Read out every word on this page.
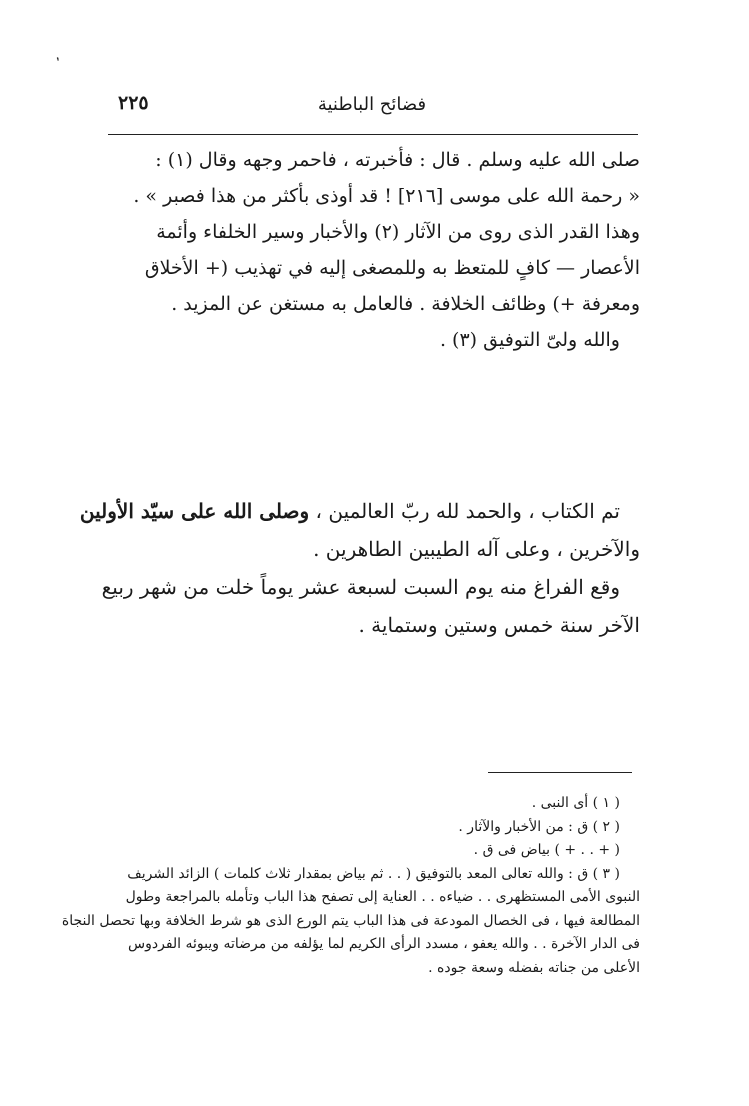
٬
٢٢٥	فضائح الباطنية
صلى الله عليه وسلم . قال : فأخبرته ، فاحمر وجهه وقال (١) :
« رحمة الله على موسى [٢١٦] ! قد أوذى بأكثر من هذا فصبر » .
وهذا القدر الذى روى من الآثار (٢) والأخبار وسير الخلفاء وأئمة
الأعصار — كافٍ للمتعظ به وللمصغى إليه في تهذيب (+ الأخلاق
ومعرفة +) وظائف الخلافة . فالعامل به مستغن عن المزيد .
والله ولىّ التوفيق (٣) .
تم الكتاب ، والحمد لله ربّ العالمين ، وصلى الله على سيّد الأولين
والآخرين ، وعلى آله الطيبين الطاهرين .
وقع الفراغ منه يوم السبت لسبعة عشر يوماً خلت من شهر ربيع
الآخر سنة خمس وستين وستماية .
( ١ ) أى النبى .
( ٢ ) ق : من الأخبار والآثار .
( + . . + ) بياض فى ق .
( ٣ ) ق : والله تعالى المعد بالتوفيق ( . . ثم بياض بمقدار ثلاث كلمات ) الزائد الشريف
النبوى الأمى المستظهرى . . ضياءه . . العناية إلى تصفح هذا الباب وتأمله بالمراجعة وطول
المطالعة فيها ، فى الخصال المودعة فى هذا الباب يتم الورع الذى هو شرط الخلافة وبها تحصل النجاة
فى الدار الآخرة . . والله يعفو ، مسدد الرأى الكريم لما يؤلفه من مرضاته ويبوئه الفردوس
الأعلى من جناته بفضله وسعة جوده .
